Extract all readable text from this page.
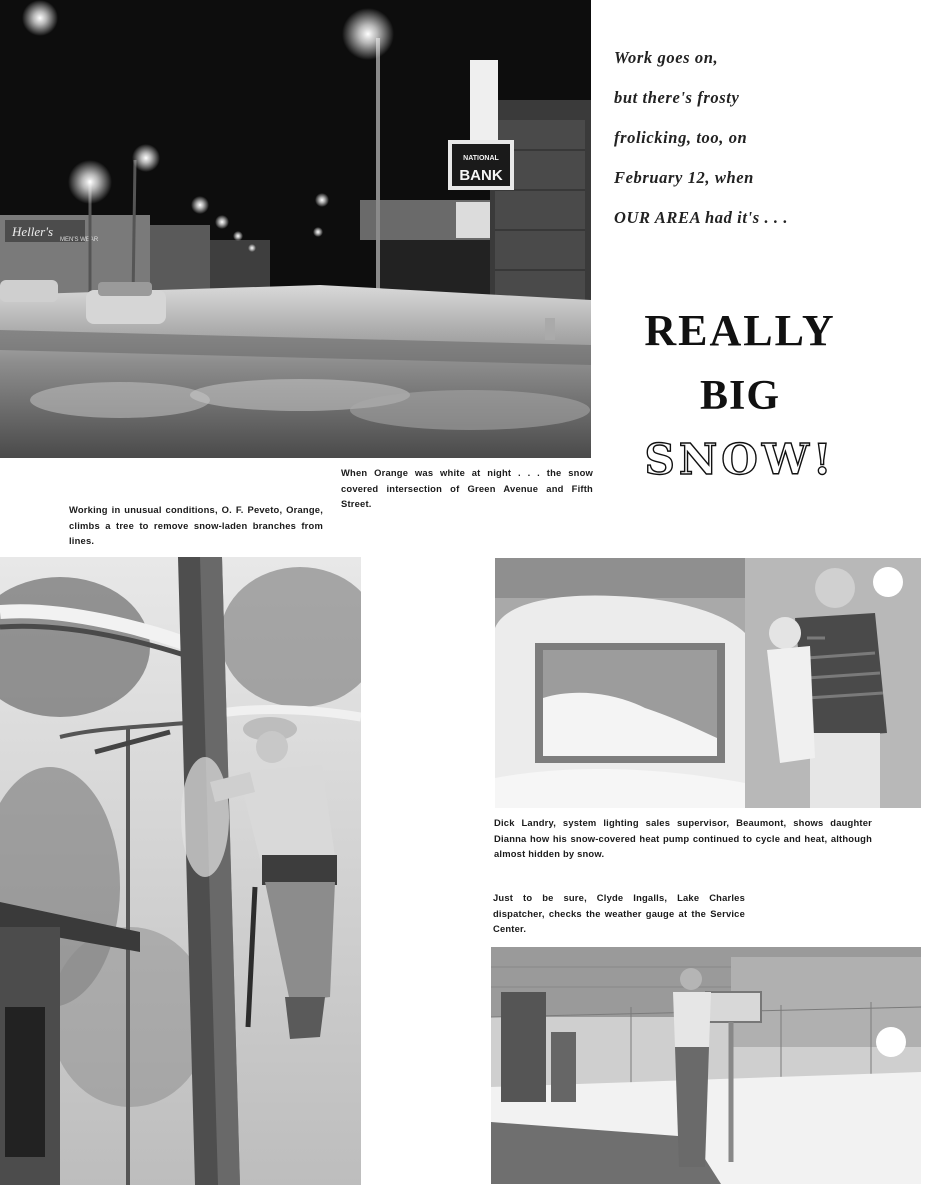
Heller's
MEN'S WEAR
NATIONAL
BANK
Work goes on,
but there's frosty
frolicking, too, on
February 12, when
OUR AREA had it's . . .
REALLY
BIG
SNOW!
When Orange was white at night . . . the snow covered intersection of Green Avenue and Fifth Street.
Working in unusual conditions, O. F. Peveto, Orange, climbs a tree to remove snow-laden branches from lines.
Dick Landry, system lighting sales supervisor, Beaumont, shows daughter Dianna how his snow-covered heat pump continued to cycle and heat, although almost hidden by snow.
Just to be sure, Clyde Ingalls, Lake Charles dispatcher, checks the weather gauge at the Service Center.
